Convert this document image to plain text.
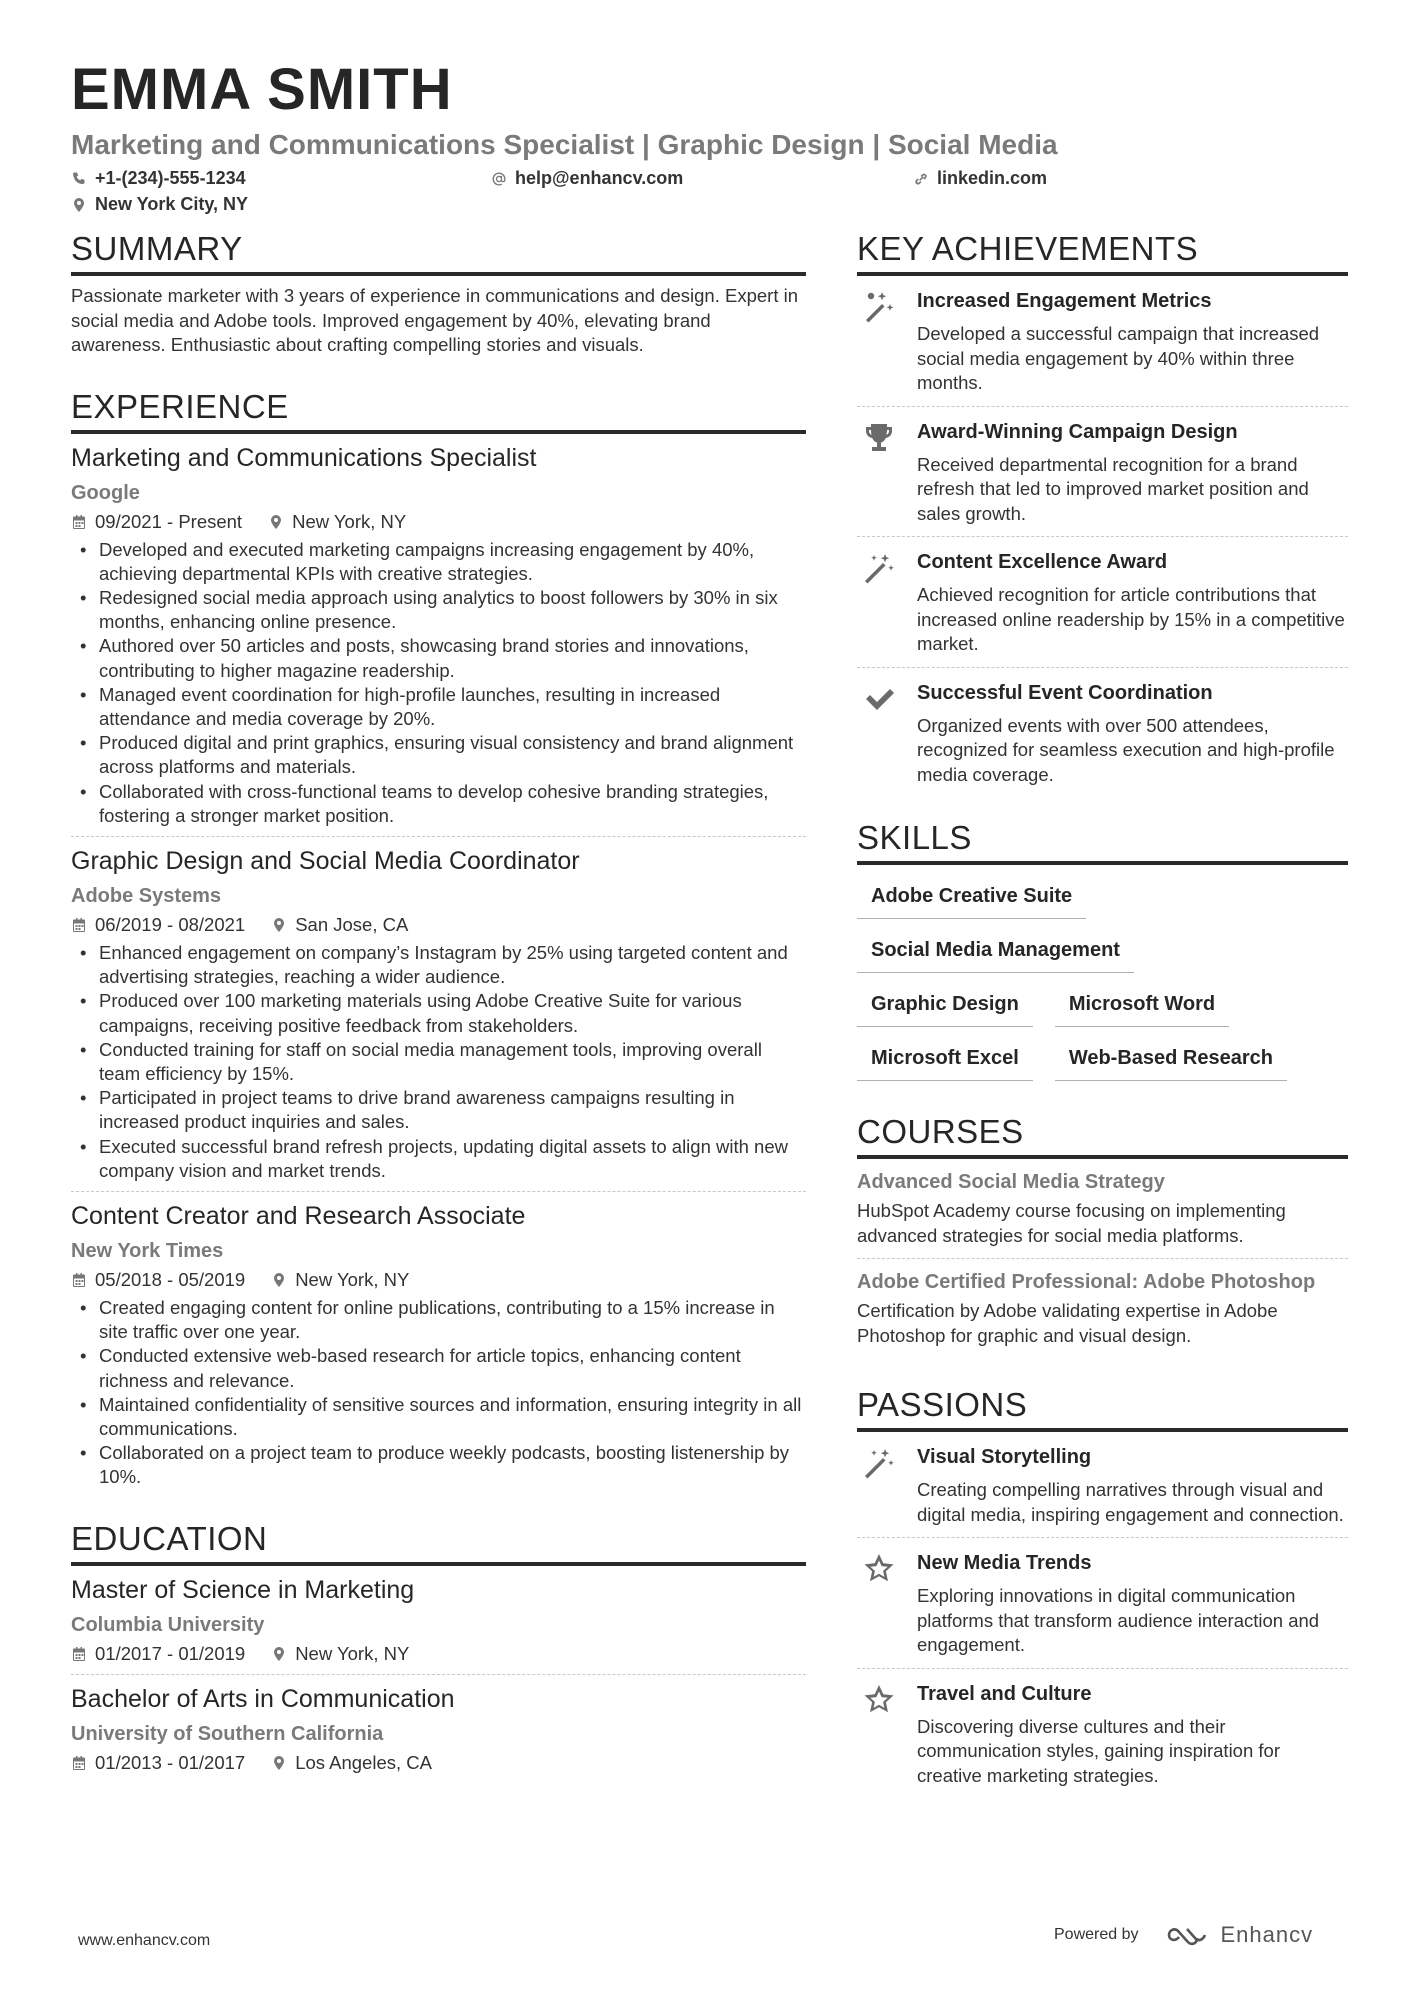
EMMA SMITH
Marketing and Communications Specialist | Graphic Design | Social Media
+1-(234)-555-1234	help@enhancv.com	linkedin.com
New York City, NY
SUMMARY
Passionate marketer with 3 years of experience in communications and design. Expert in social media and Adobe tools. Improved engagement by 40%, elevating brand awareness. Enthusiastic about crafting compelling stories and visuals.
EXPERIENCE
Marketing and Communications Specialist
Google
09/2021 - Present	New York, NY
• Developed and executed marketing campaigns increasing engagement by 40%, achieving departmental KPIs with creative strategies.
• Redesigned social media approach using analytics to boost followers by 30% in six months, enhancing online presence.
• Authored over 50 articles and posts, showcasing brand stories and innovations, contributing to higher magazine readership.
• Managed event coordination for high-profile launches, resulting in increased attendance and media coverage by 20%.
• Produced digital and print graphics, ensuring visual consistency and brand alignment across platforms and materials.
• Collaborated with cross-functional teams to develop cohesive branding strategies, fostering a stronger market position.
Graphic Design and Social Media Coordinator
Adobe Systems
06/2019 - 08/2021	San Jose, CA
• Enhanced engagement on company’s Instagram by 25% using targeted content and advertising strategies, reaching a wider audience.
• Produced over 100 marketing materials using Adobe Creative Suite for various campaigns, receiving positive feedback from stakeholders.
• Conducted training for staff on social media management tools, improving overall team efficiency by 15%.
• Participated in project teams to drive brand awareness campaigns resulting in increased product inquiries and sales.
• Executed successful brand refresh projects, updating digital assets to align with new company vision and market trends.
Content Creator and Research Associate
New York Times
05/2018 - 05/2019	New York, NY
• Created engaging content for online publications, contributing to a 15% increase in site traffic over one year.
• Conducted extensive web-based research for article topics, enhancing content richness and relevance.
• Maintained confidentiality of sensitive sources and information, ensuring integrity in all communications.
• Collaborated on a project team to produce weekly podcasts, boosting listenership by 10%.
EDUCATION
Master of Science in Marketing
Columbia University
01/2017 - 01/2019	New York, NY
Bachelor of Arts in Communication
University of Southern California
01/2013 - 01/2017	Los Angeles, CA
KEY ACHIEVEMENTS
Increased Engagement Metrics
Developed a successful campaign that increased social media engagement by 40% within three months.
Award-Winning Campaign Design
Received departmental recognition for a brand refresh that led to improved market position and sales growth.
Content Excellence Award
Achieved recognition for article contributions that increased online readership by 15% in a competitive market.
Successful Event Coordination
Organized events with over 500 attendees, recognized for seamless execution and high-profile media coverage.
SKILLS
Adobe Creative Suite
Social Media Management
Graphic Design	Microsoft Word
Microsoft Excel	Web-Based Research
COURSES
Advanced Social Media Strategy
HubSpot Academy course focusing on implementing advanced strategies for social media platforms.
Adobe Certified Professional: Adobe Photoshop
Certification by Adobe validating expertise in Adobe Photoshop for graphic and visual design.
PASSIONS
Visual Storytelling
Creating compelling narratives through visual and digital media, inspiring engagement and connection.
New Media Trends
Exploring innovations in digital communication platforms that transform audience interaction and engagement.
Travel and Culture
Discovering diverse cultures and their communication styles, gaining inspiration for creative marketing strategies.
www.enhancv.com	Powered by	Enhancv
